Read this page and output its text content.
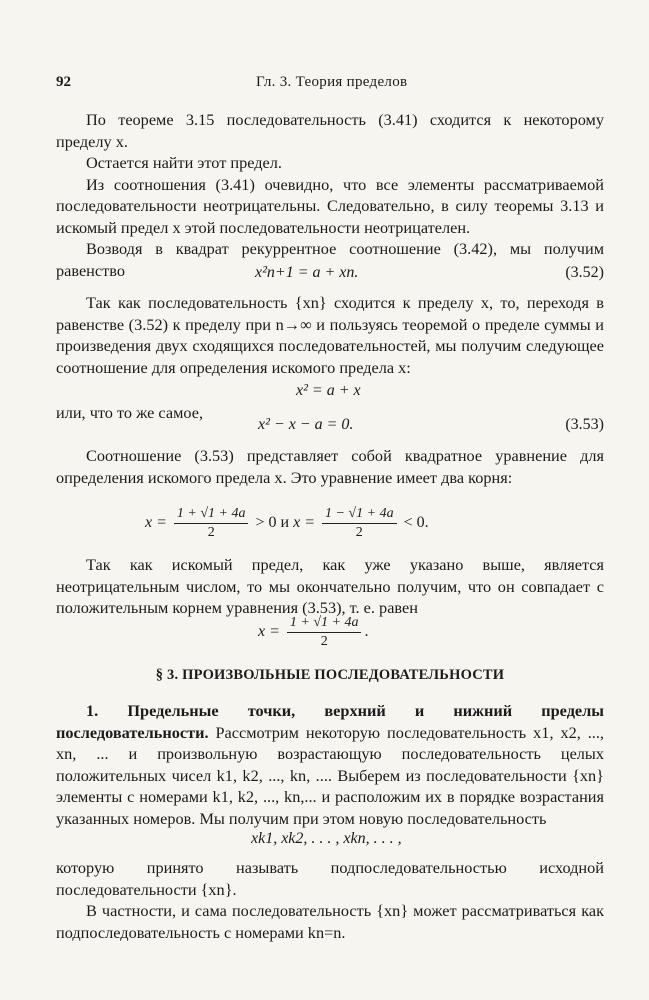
92	Гл. 3. Теория пределов

По теореме 3.15 последовательность (3.41) сходится к некоторому пределу x.

Остается найти этот предел.

Из соотношения (3.41) очевидно, что все элементы рассматриваемой последовательности неотрицательны. Следовательно, в силу теоремы 3.13 и искомый предел x этой последовательности неотрицателен.

Возводя в квадрат рекуррентное соотношение (3.42), мы получим равенство	x²n+1 = a + xn.	(3.52)

Так как последовательность {xn} сходится к пределу x, то, переходя в равенстве (3.52) к пределу при n→∞ и пользуясь теоремой о пределе суммы и произведения двух сходящихся последовательностей, мы получим следующее соотношение для определения искомого предела x:

x² = a + x

или, что то же самое,

x² − x − a = 0.	(3.53)

Соотношение (3.53) представляет собой квадратное уравнение для определения искомого предела x. Это уравнение имеет два корня:

$x = \frac{1 + √1 + 4a}{2} > 0$ и $x = \frac{1 - √1 + 4a}{2} < 0$.

Так как искомый предел, как уже указано выше, является неотрицательным числом, то мы окончательно получим, что он совпадает с положительным корнем уравнения (3.53), т. е. равен

$x = \frac{1 + √1 + 4a}{2}$ .
§ 3. ПРОИЗВОЛЬНЫЕ ПОСЛЕДОВАТЕЛЬНОСТИ

1. Предельные точки, верхний и нижний пределы последовательности. Рассмотрим некоторую последовательность x1, x2, ..., xn, ... и произвольную возрастающую последовательность целых положительных чисел k1, k2, ..., kn, .... Выберем из последовательности {xn} элементы с номерами k1, k2, ..., kn,... и расположим их в порядке возрастания указанных номеров. Мы получим при этом новую последовательность

xk1, xk2, . . . , xkn, . . . ,

которую принято называть подпоследовательностью исходной последовательности {xn}.

В частности, и сама последовательность {xn} может рассматриваться как подпоследовательность с номерами kn=n.
